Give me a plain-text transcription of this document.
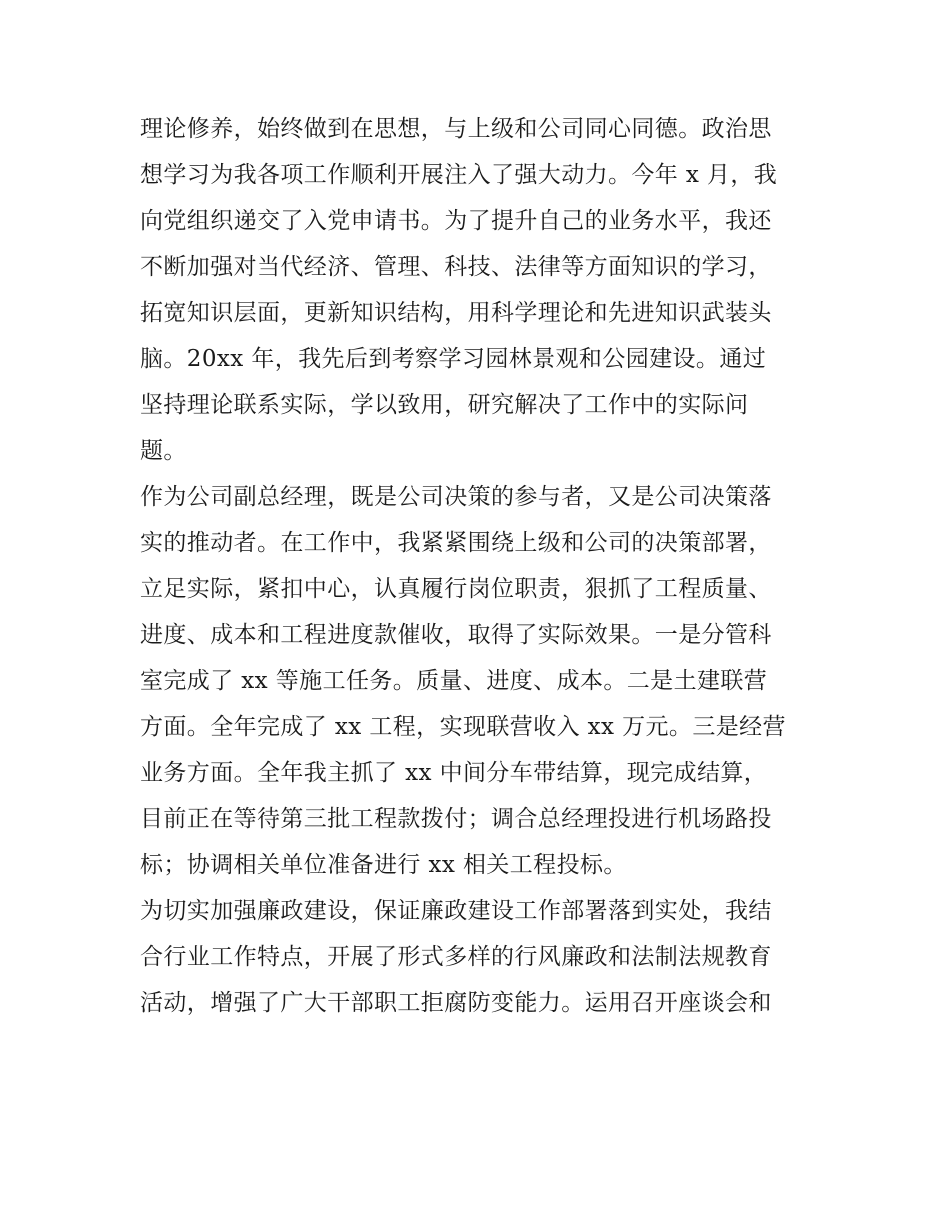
理论修养，始终做到在思想，与上级和公司同心同德。政治思
想学习为我各项工作顺利开展注入了强大动力。今年 x 月，我
向党组织递交了入党申请书。为了提升自己的业务水平，我还
不断加强对当代经济、管理、科技、法律等方面知识的学习，
拓宽知识层面，更新知识结构，用科学理论和先进知识武装头
脑。20xx 年，我先后到考察学习园林景观和公园建设。通过
坚持理论联系实际，学以致用，研究解决了工作中的实际问
题。
作为公司副总经理，既是公司决策的参与者，又是公司决策落
实的推动者。在工作中，我紧紧围绕上级和公司的决策部署，
立足实际，紧扣中心，认真履行岗位职责，狠抓了工程质量、
进度、成本和工程进度款催收，取得了实际效果。一是分管科
室完成了 xx 等施工任务。质量、进度、成本。二是土建联营
方面。全年完成了 xx 工程，实现联营收入 xx 万元。三是经营
业务方面。全年我主抓了 xx 中间分车带结算，现完成结算，
目前正在等待第三批工程款拨付；调合总经理投进行机场路投
标；协调相关单位准备进行 xx 相关工程投标。
为切实加强廉政建设，保证廉政建设工作部署落到实处，我结
合行业工作特点，开展了形式多样的行风廉政和法制法规教育
活动，增强了广大干部职工拒腐防变能力。运用召开座谈会和
